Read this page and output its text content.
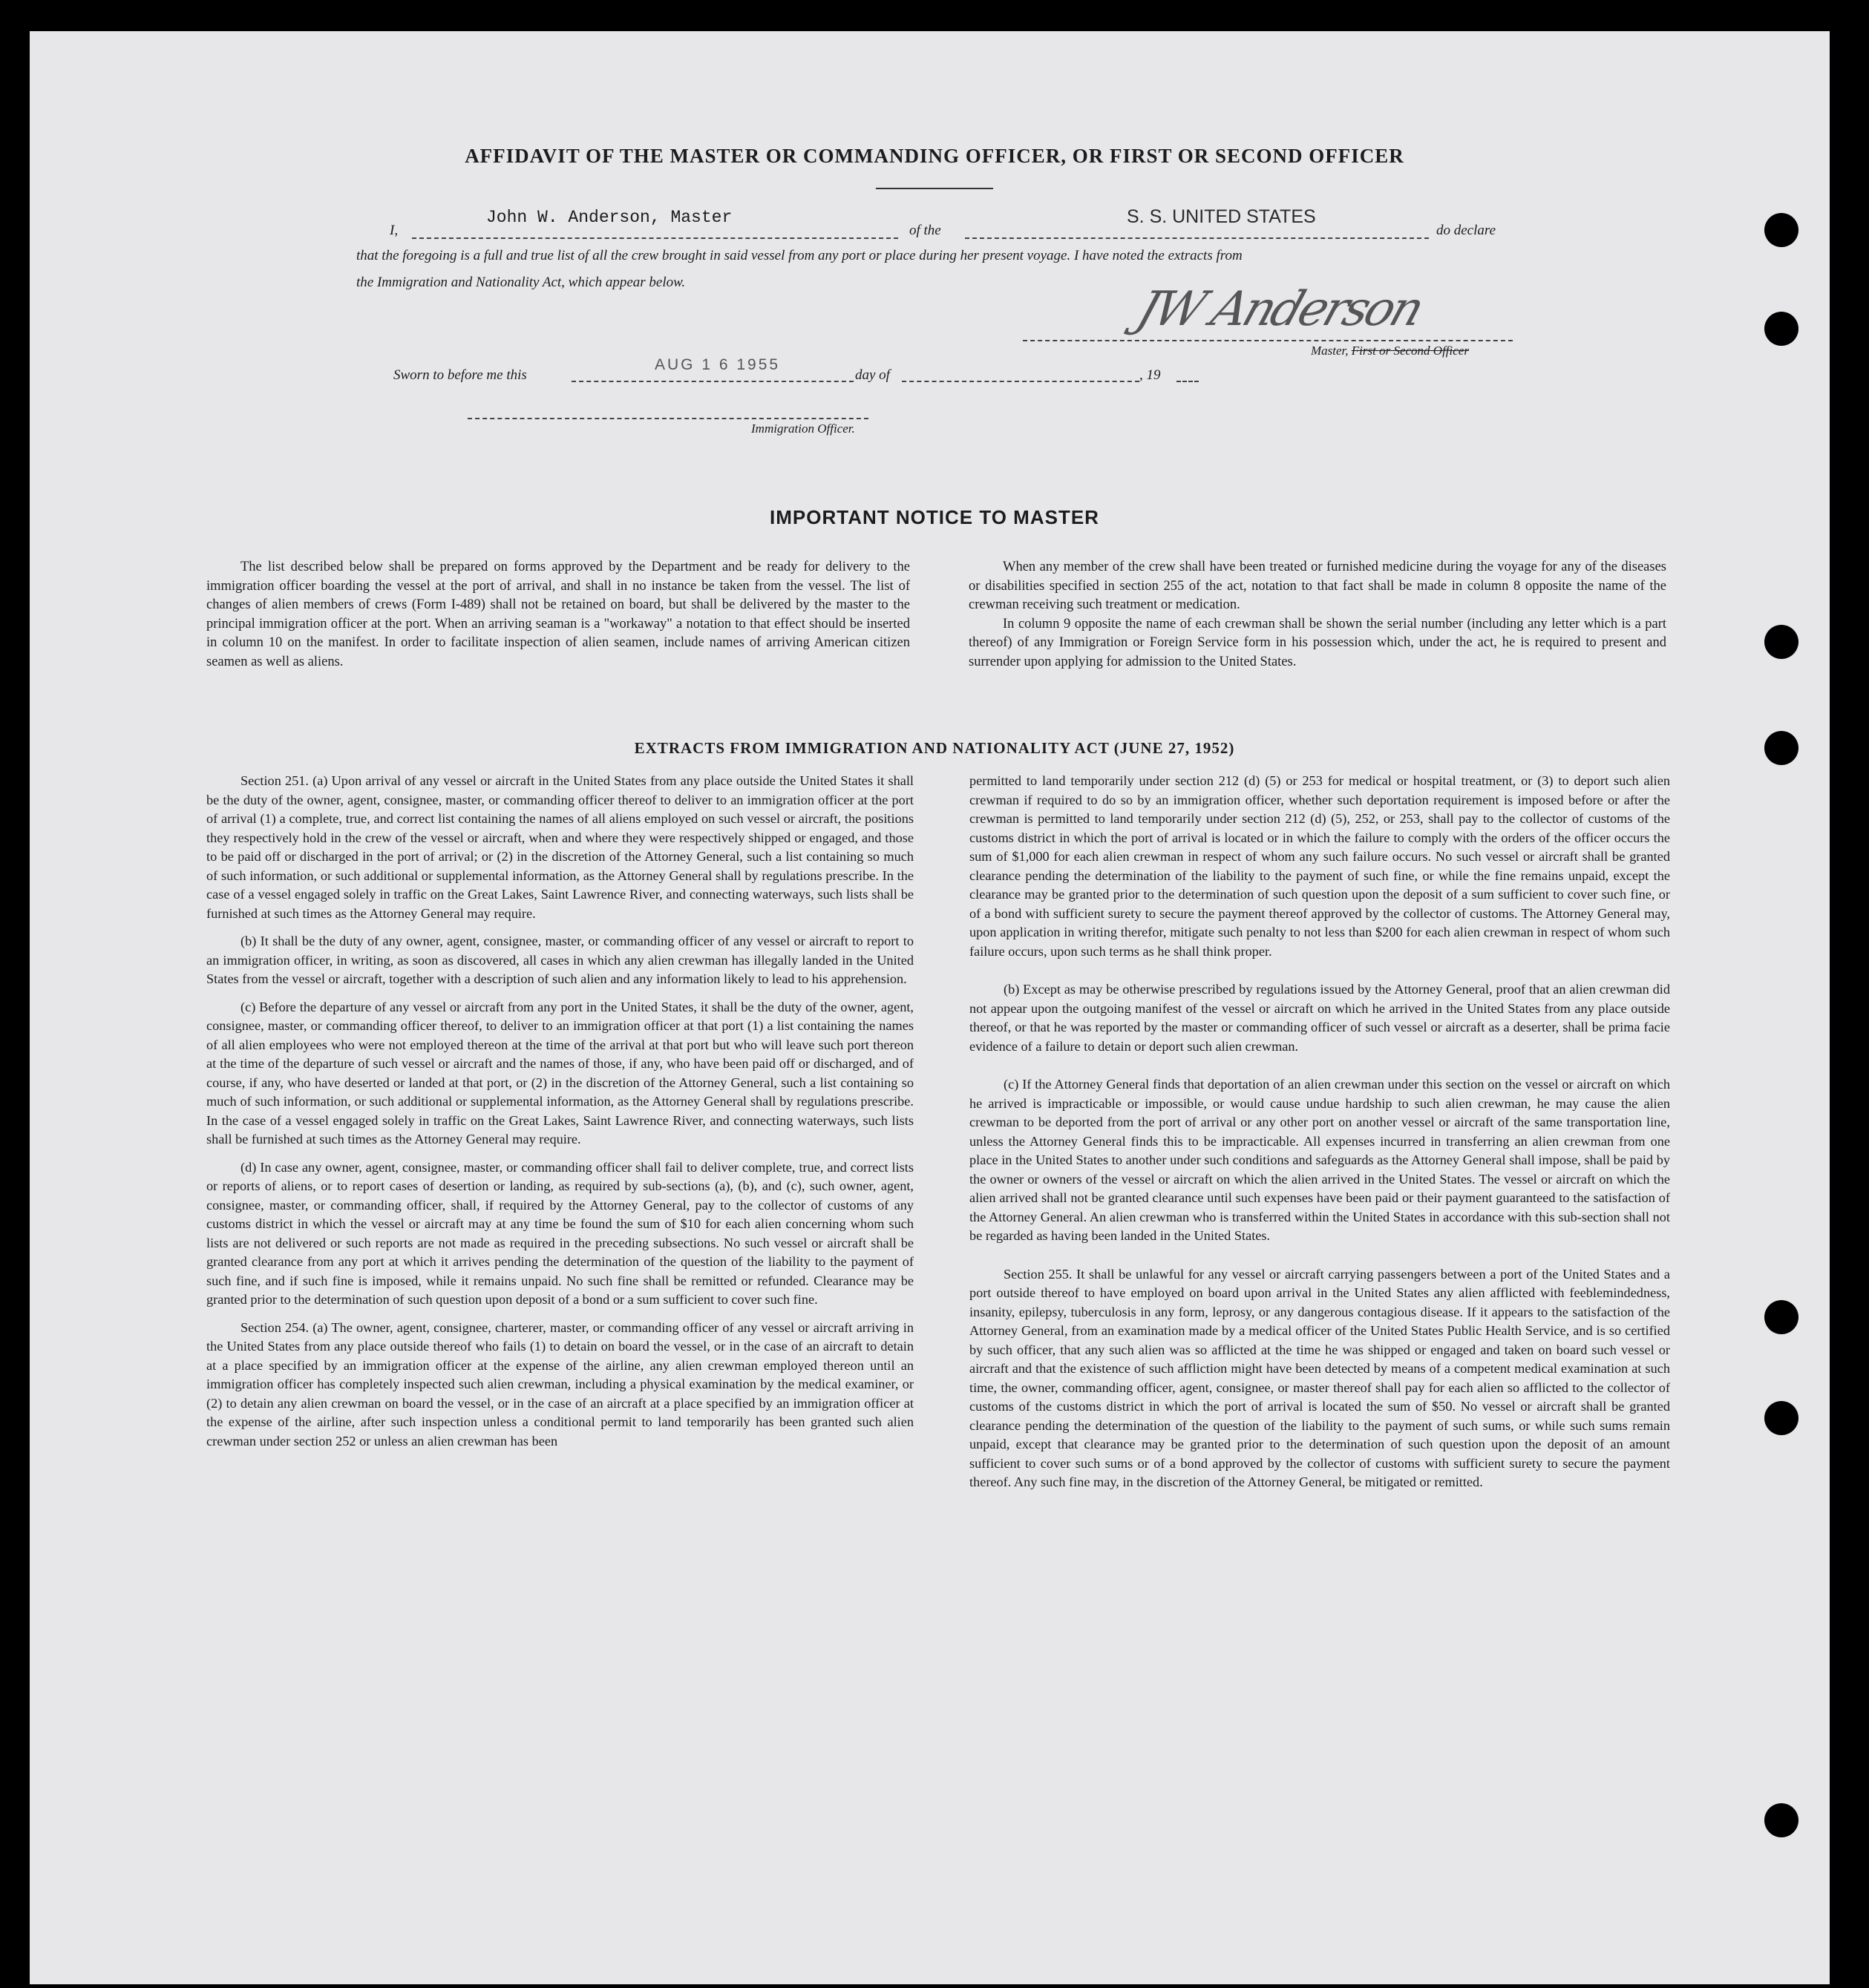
AFFIDAVIT OF THE MASTER OR COMMANDING OFFICER, OR FIRST OR SECOND OFFICER
I,
John W. Anderson, Master
of the
S. S. UNITED STATES
do declare
that the foregoing is a full and true list of all the crew brought in said vessel from any port or place during her present voyage. I have noted the extracts from
the Immigration and Nationality Act, which appear below.	JW Anderson
Master, First or Second Officer
Sworn to before me this
AUG 1 6 1955
day of	, 19
Immigration Officer.
IMPORTANT NOTICE TO MASTER

The list described below shall be prepared on forms approved by the Department and be ready for delivery to the immigration officer boarding the vessel at the port of arrival, and shall in no instance be taken from the vessel. The list of changes of alien members of crews (Form I-489) shall not be retained on board, but shall be delivered by the master to the principal immigration officer at the port. When an arriving seaman is a "workaway" a notation to that effect should be inserted in column 10 on the manifest. In order to facilitate inspection of alien seamen, include names of arriving American citizen seamen as well as aliens.

When any member of the crew shall have been treated or furnished medicine during the voyage for any of the diseases or disabilities specified in section 255 of the act, notation to that fact shall be made in column 8 opposite the name of the crewman receiving such treatment or medication.

In column 9 opposite the name of each crewman shall be shown the serial number (including any letter which is a part thereof) of any Immigration or Foreign Service form in his possession which, under the act, he is required to present and surrender upon applying for admission to the United States.

EXTRACTS FROM IMMIGRATION AND NATIONALITY ACT (JUNE 27, 1952)

Section 251. (a) Upon arrival of any vessel or aircraft in the United States from any place outside the United States it shall be the duty of the owner, agent, consignee, master, or commanding officer thereof to deliver to an immigration officer at the port of arrival (1) a complete, true, and correct list containing the names of all aliens employed on such vessel or aircraft, the positions they respectively hold in the crew of the vessel or aircraft, when and where they were respectively shipped or engaged, and those to be paid off or discharged in the port of arrival; or (2) in the discretion of the Attorney General, such a list containing so much of such information, or such additional or supplemental information, as the Attorney General shall by regulations prescribe. In the case of a vessel engaged solely in traffic on the Great Lakes, Saint Lawrence River, and connecting waterways, such lists shall be furnished at such times as the Attorney General may require.

(b) It shall be the duty of any owner, agent, consignee, master, or commanding officer of any vessel or aircraft to report to an immigration officer, in writing, as soon as discovered, all cases in which any alien crewman has illegally landed in the United States from the vessel or aircraft, together with a description of such alien and any information likely to lead to his apprehension.

(c) Before the departure of any vessel or aircraft from any port in the United States, it shall be the duty of the owner, agent, consignee, master, or commanding officer thereof, to deliver to an immigration officer at that port (1) a list containing the names of all alien employees who were not employed thereon at the time of the arrival at that port but who will leave such port thereon at the time of the departure of such vessel or aircraft and the names of those, if any, who have been paid off or discharged, and of course, if any, who have deserted or landed at that port, or (2) in the discretion of the Attorney General, such a list containing so much of such information, or such additional or supplemental information, as the Attorney General shall by regulations prescribe. In the case of a vessel engaged solely in traffic on the Great Lakes, Saint Lawrence River, and connecting waterways, such lists shall be furnished at such times as the Attorney General may require.

(d) In case any owner, agent, consignee, master, or commanding officer shall fail to deliver complete, true, and correct lists or reports of aliens, or to report cases of desertion or landing, as required by sub-sections (a), (b), and (c), such owner, agent, consignee, master, or commanding officer, shall, if required by the Attorney General, pay to the collector of customs of any customs district in which the vessel or aircraft may at any time be found the sum of $10 for each alien concerning whom such lists are not delivered or such reports are not made as required in the preceding subsections. No such vessel or aircraft shall be granted clearance from any port at which it arrives pending the determination of the question of the liability to the payment of such fine, and if such fine is imposed, while it remains unpaid. No such fine shall be remitted or refunded. Clearance may be granted prior to the determination of such question upon deposit of a bond or a sum sufficient to cover such fine.

Section 254. (a) The owner, agent, consignee, charterer, master, or commanding officer of any vessel or aircraft arriving in the United States from any place outside thereof who fails (1) to detain on board the vessel, or in the case of an aircraft to detain at a place specified by an immigration officer at the expense of the airline, any alien crewman employed thereon until an immigration officer has completely inspected such alien crewman, including a physical examination by the medical examiner, or (2) to detain any alien crewman on board the vessel, or in the case of an aircraft at a place specified by an immigration officer at the expense of the airline, after such inspection unless a conditional permit to land temporarily has been granted such alien crewman under section 252 or unless an alien crewman has been

permitted to land temporarily under section 212 (d) (5) or 253 for medical or hospital treatment, or (3) to deport such alien crewman if required to do so by an immigration officer, whether such deportation requirement is imposed before or after the crewman is permitted to land temporarily under section 212 (d) (5), 252, or 253, shall pay to the collector of customs of the customs district in which the port of arrival is located or in which the failure to comply with the orders of the officer occurs the sum of $1,000 for each alien crewman in respect of whom any such failure occurs. No such vessel or aircraft shall be granted clearance pending the determination of the liability to the payment of such fine, or while the fine remains unpaid, except the clearance may be granted prior to the determination of such question upon the deposit of a sum sufficient to cover such fine, or of a bond with sufficient surety to secure the payment thereof approved by the collector of customs. The Attorney General may, upon application in writing therefor, mitigate such penalty to not less than $200 for each alien crewman in respect of whom such failure occurs, upon such terms as he shall think proper.

(b) Except as may be otherwise prescribed by regulations issued by the Attorney General, proof that an alien crewman did not appear upon the outgoing manifest of the vessel or aircraft on which he arrived in the United States from any place outside thereof, or that he was reported by the master or commanding officer of such vessel or aircraft as a deserter, shall be prima facie evidence of a failure to detain or deport such alien crewman.

(c) If the Attorney General finds that deportation of an alien crewman under this section on the vessel or aircraft on which he arrived is impracticable or impossible, or would cause undue hardship to such alien crewman, he may cause the alien crewman to be deported from the port of arrival or any other port on another vessel or aircraft of the same transportation line, unless the Attorney General finds this to be impracticable. All expenses incurred in transferring an alien crewman from one place in the United States to another under such conditions and safeguards as the Attorney General shall impose, shall be paid by the owner or owners of the vessel or aircraft on which the alien arrived in the United States. The vessel or aircraft on which the alien arrived shall not be granted clearance until such expenses have been paid or their payment guaranteed to the satisfaction of the Attorney General. An alien crewman who is transferred within the United States in accordance with this sub-section shall not be regarded as having been landed in the United States.

Section 255. It shall be unlawful for any vessel or aircraft carrying passengers between a port of the United States and a port outside thereof to have employed on board upon arrival in the United States any alien afflicted with feeblemindedness, insanity, epilepsy, tuberculosis in any form, leprosy, or any dangerous contagious disease. If it appears to the satisfaction of the Attorney General, from an examination made by a medical officer of the United States Public Health Service, and is so certified by such officer, that any such alien was so afflicted at the time he was shipped or engaged and taken on board such vessel or aircraft and that the existence of such affliction might have been detected by means of a competent medical examination at such time, the owner, commanding officer, agent, consignee, or master thereof shall pay for each alien so afflicted to the collector of customs of the customs district in which the port of arrival is located the sum of $50. No vessel or aircraft shall be granted clearance pending the determination of the question of the liability to the payment of such sums, or while such sums remain unpaid, except that clearance may be granted prior to the determination of such question upon the deposit of an amount sufficient to cover such sums or of a bond approved by the collector of customs with sufficient surety to secure the payment thereof. Any such fine may, in the discretion of the Attorney General, be mitigated or remitted.
